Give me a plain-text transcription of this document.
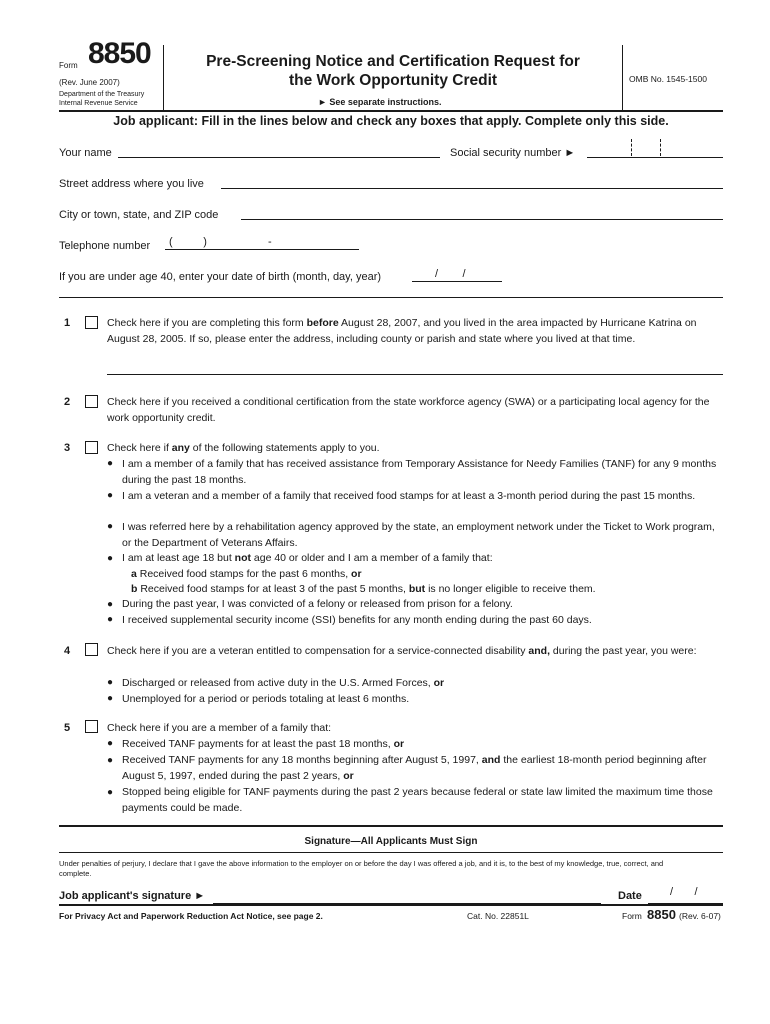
Form 8850
(Rev. June 2007)
Department of the Treasury
Internal Revenue Service
Pre-Screening Notice and Certification Request for
the Work Opportunity Credit
► See separate instructions.
OMB No. 1545-1500
Job applicant: Fill in the lines below and check any boxes that apply. Complete only this side.
Your name	Social security number ►
Street address where you live
City or town, state, and ZIP code
Telephone number (          )                    -
If you are under age 40, enter your date of birth (month, day, year)	/        /
1	Check here if you are completing this form before August 28, 2007, and you lived in the area impacted by Hurricane Katrina on August 28, 2005. If so, please enter the address, including county or parish and state where you lived at that time.
2	Check here if you received a conditional certification from the state workforce agency (SWA) or a participating local agency for the work opportunity credit.
3	Check here if any of the following statements apply to you.
● I am a member of a family that has received assistance from Temporary Assistance for Needy Families (TANF) for any 9 months during the past 18 months.
● I am a veteran and a member of a family that received food stamps for at least a 3-month period during the past 15 months.
● I was referred here by a rehabilitation agency approved by the state, an employment network under the Ticket to Work program, or the Department of Veterans Affairs.
● I am at least age 18 but not age 40 or older and I am a member of a family that:
a Received food stamps for the past 6 months, or
b Received food stamps for at least 3 of the past 5 months, but is no longer eligible to receive them.
● During the past year, I was convicted of a felony or released from prison for a felony.
● I received supplemental security income (SSI) benefits for any month ending during the past 60 days.
4	Check here if you are a veteran entitled to compensation for a service-connected disability and, during the past year, you were:
● Discharged or released from active duty in the U.S. Armed Forces, or
● Unemployed for a period or periods totaling at least 6 months.
5	Check here if you are a member of a family that:
● Received TANF payments for at least the past 18 months, or
● Received TANF payments for any 18 months beginning after August 5, 1997, and the earliest 18-month period beginning after August 5, 1997, ended during the past 2 years, or
● Stopped being eligible for TANF payments during the past 2 years because federal or state law limited the maximum time those payments could be made.
Signature—All Applicants Must Sign
Under penalties of perjury, I declare that I gave the above information to the employer on or before the day I was offered a job, and it is, to the best of my knowledge, true, correct, and complete.
Job applicant's signature ►	Date	/       /
For Privacy Act and Paperwork Reduction Act Notice, see page 2.	Cat. No. 22851L	Form 8850 (Rev. 6-07)
